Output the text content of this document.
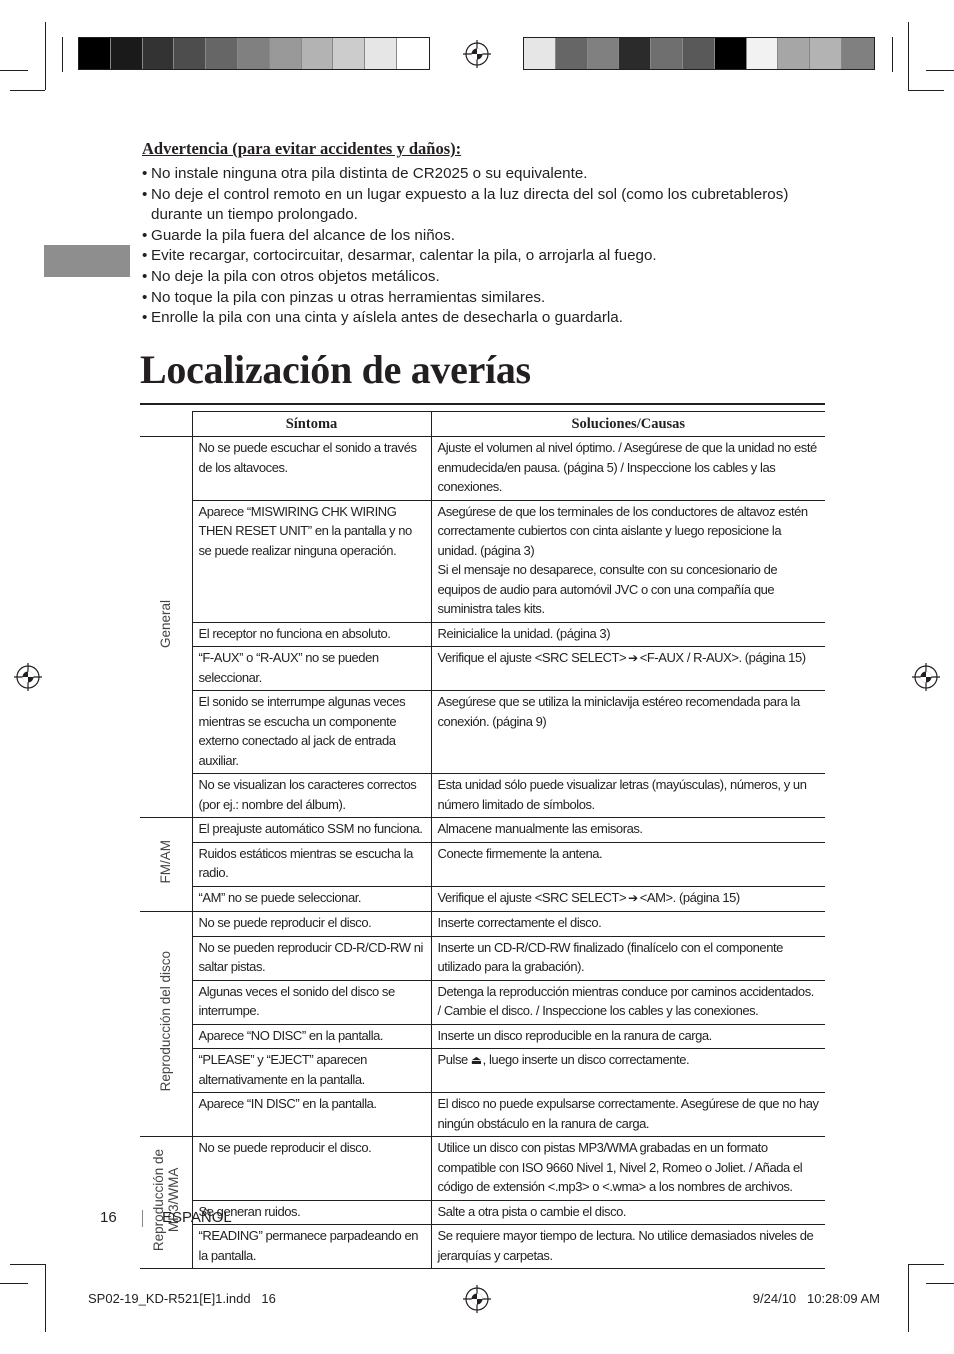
Advertencia (para evitar accidentes y daños):
• No instale ninguna otra pila distinta de CR2025 o su equivalente.
• No deje el control remoto en un lugar expuesto a la luz directa del sol (como los cubretableros) durante un tiempo prolongado.
• Guarde la pila fuera del alcance de los niños.
• Evite recargar, cortocircuitar, desarmar, calentar la pila, o arrojarla al fuego.
• No deje la pila con otros objetos metálicos.
• No toque la pila con pinzas u otras herramientas similares.
• Enrolle la pila con una cinta y aíslela antes de desecharla o guardarla.
Localización de averías
	Síntoma	Soluciones/Causas
General	No se puede escuchar el sonido a través de los altavoces.	Ajuste el volumen al nivel óptimo. / Asegúrese de que la unidad no esté enmudecida/en pausa. (página 5) / Inspeccione los cables y las conexiones.
	Aparece “MISWIRING CHK WIRING THEN RESET UNIT” en la pantalla y no se puede realizar ninguna operación.	Asegúrese de que los terminales de los conductores de altavoz estén correctamente cubiertos con cinta aislante y luego reposicione la unidad. (página 3)
Si el mensaje no desaparece, consulte con su concesionario de equipos de audio para automóvil JVC o con una compañía que suministra tales kits.
	El receptor no funciona en absoluto.	Reinicialice la unidad. (página 3)
	“F-AUX” o “R-AUX” no se pueden seleccionar.	Verifique el ajuste <SRC SELECT> ➔ <F-AUX / R-AUX>. (página 15)
	El sonido se interrumpe algunas veces mientras se escucha un componente externo conectado al jack de entrada auxiliar.	Asegúrese que se utiliza la miniclavija estéreo recomendada para la conexión. (página 9)
	No se visualizan los caracteres correctos (por ej.: nombre del álbum).	Esta unidad sólo puede visualizar letras (mayúsculas), números, y un número limitado de símbolos.
FM/AM	El preajuste automático SSM no funciona.	Almacene manualmente las emisoras.
	Ruidos estáticos mientras se escucha la radio.	Conecte firmemente la antena.
	“AM” no se puede seleccionar.	Verifique el ajuste <SRC SELECT> ➔ <AM>. (página 15)
Reproducción del disco	No se puede reproducir el disco.	Inserte correctamente el disco.
	No se pueden reproducir CD-R/CD-RW ni saltar pistas.	Inserte un CD-R/CD-RW finalizado (finalícelo con el componente utilizado para la grabación).
	Algunas veces el sonido del disco se interrumpe.	Detenga la reproducción mientras conduce por caminos accidentados. / Cambie el disco. / Inspeccione los cables y las conexiones.
	Aparece “NO DISC” en la pantalla.	Inserte un disco reproducible en la ranura de carga.
	“PLEASE” y “EJECT” aparecen alternativamente en la pantalla.	Pulse ⏏, luego inserte un disco correctamente.
	Aparece “IN DISC” en la pantalla.	El disco no puede expulsarse correctamente. Asegúrese de que no hay ningún obstáculo en la ranura de carga.
Reproducción de
MP3/WMA	No se puede reproducir el disco.	Utilice un disco con pistas MP3/WMA grabadas en un formato compatible con ISO 9660 Nivel 1, Nivel 2, Romeo o Joliet. / Añada el código de extensión <.mp3> o <.wma> a los nombres de archivos.
	Se generan ruidos.	Salte a otra pista o cambie el disco.
	“READING” permanece parpadeando en la pantalla.	Se requiere mayor tiempo de lectura. No utilice demasiados niveles de jerarquías y carpetas.
16	ESPAÑOL
SP02-19_KD-R521[E]1.indd   16	9/24/10   10:28:09 AM
